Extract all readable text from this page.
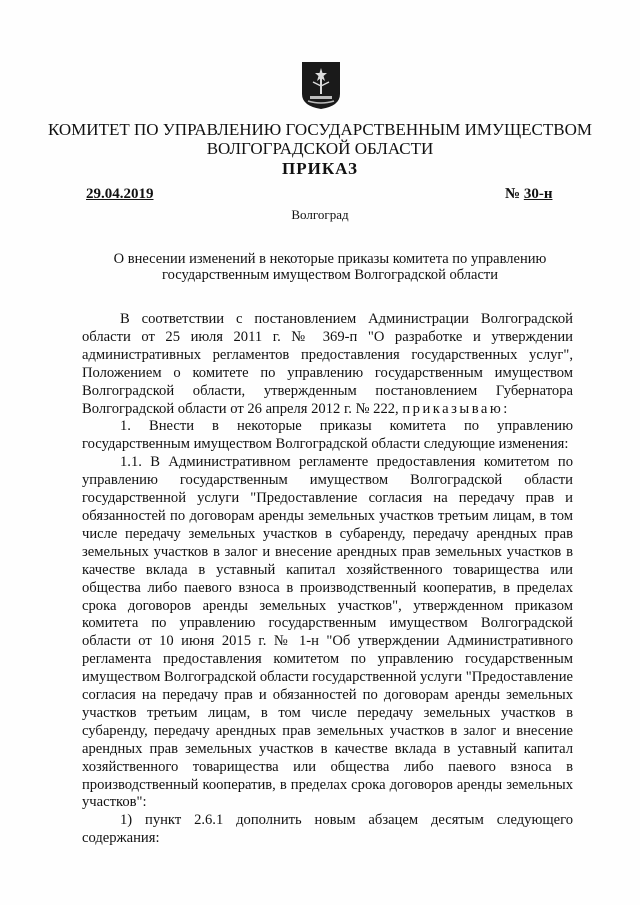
КОМИТЕТ ПО УПРАВЛЕНИЮ ГОСУДАРСТВЕННЫМ ИМУЩЕСТВОМ
ВОЛГОГРАДСКОЙ ОБЛАСТИ
ПРИКАЗ
29.04.2019	№ 30-н
Волгоград
О внесении изменений в некоторые приказы комитета по управлению
государственным имуществом Волгоградской области

В соответствии с постановлением Администрации Волгоградской области от 25 июля 2011 г. № 369-п "О разработке и утверждении административных регламентов предоставления государственных услуг", Положением о комитете по управлению государственным имуществом Волгоградской области, утвержденным постановлением Губернатора Волгоградской области от 26 апреля 2012 г. № 222, приказываю:

1. Внести в некоторые приказы комитета по управлению государственным имуществом Волгоградской области следующие изменения:

1.1. В Административном регламенте предоставления комитетом по управлению государственным имуществом Волгоградской области государственной услуги "Предоставление согласия на передачу прав и обязанностей по договорам аренды земельных участков третьим лицам, в том числе передачу земельных участков в субаренду, передачу арендных прав земельных участков в залог и внесение арендных прав земельных участков в качестве вклада в уставный капитал хозяйственного товарищества или общества либо паевого взноса в производственный кооператив, в пределах срока договоров аренды земельных участков", утвержденном приказом комитета по управлению государственным имуществом Волгоградской области от 10 июня 2015 г. № 1-н "Об утверждении Административного регламента предоставления комитетом по управлению государственным имуществом Волгоградской области государственной услуги "Предоставление согласия на передачу прав и обязанностей по договорам аренды земельных участков третьим лицам, в том числе передачу земельных участков в субаренду, передачу арендных прав земельных участков в залог и внесение арендных прав земельных участков в качестве вклада в уставный капитал хозяйственного товарищества или общества либо паевого взноса в производственный кооператив, в пределах срока договоров аренды земельных участков":

1) пункт 2.6.1 дополнить новым абзацем десятым следующего содержания:
